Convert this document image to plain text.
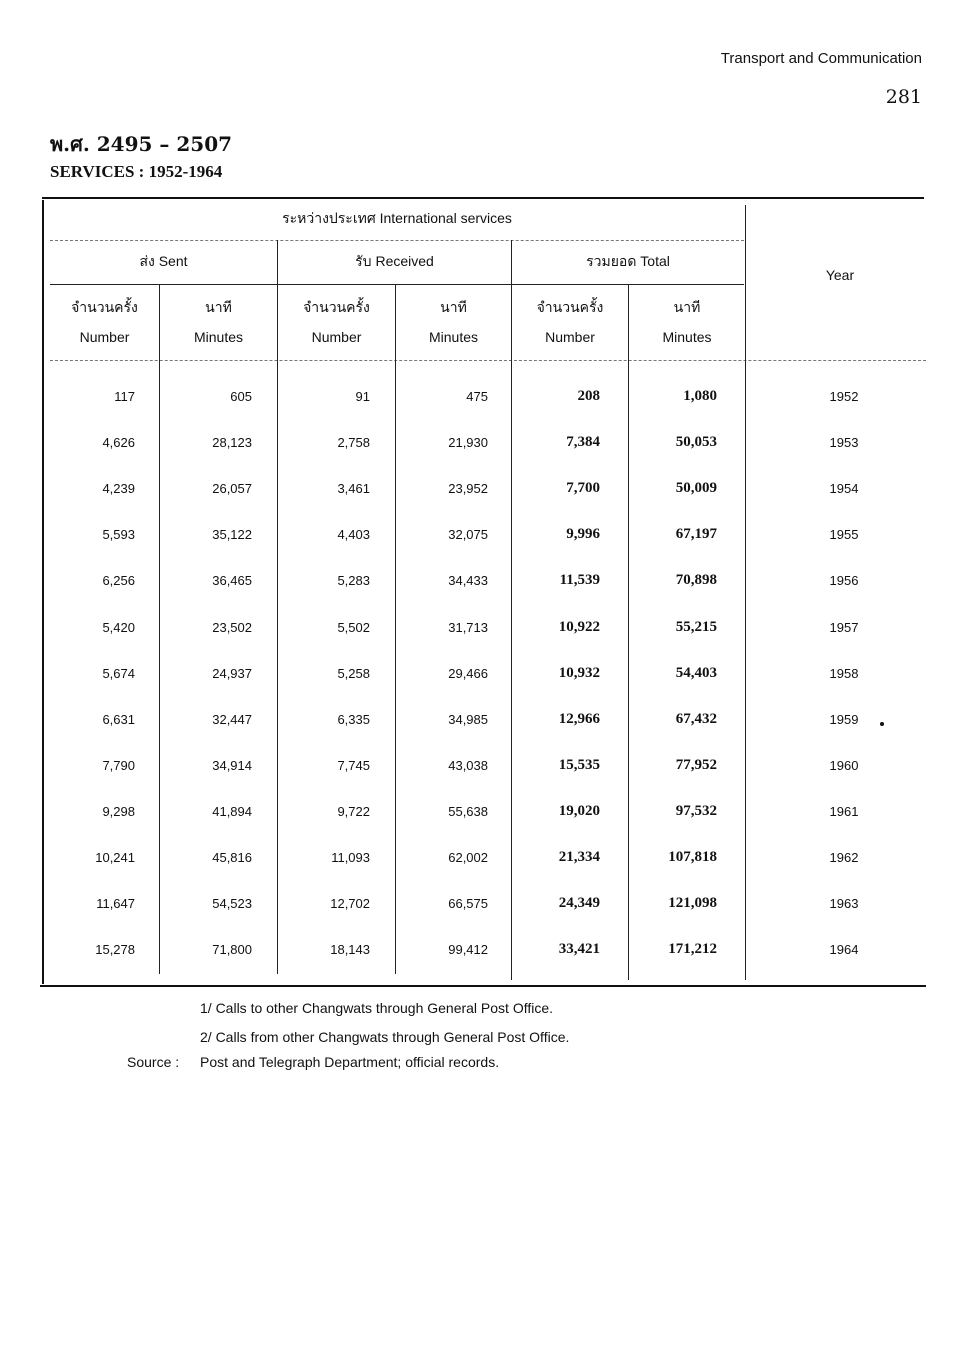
Transport and Communication
281
พ.ศ. 2495 – 2507
SERVICES : 1952-1964
ระหว่างประเทศ International services
ส่ง Sent	รับ Received	รวมยอด Total
Year
จำนวนครั้ง	นาที	จำนวนครั้ง	นาที	จำนวนครั้ง	นาที
Number	Minutes	Number	Minutes	Number	Minutes
117	605	91	475	208	1,080	1952
4,626	28,123	2,758	21,930	7,384	50,053	1953
4,239	26,057	3,461	23,952	7,700	50,009	1954
5,593	35,122	4,403	32,075	9,996	67,197	1955
6,256	36,465	5,283	34,433	11,539	70,898	1956
5,420	23,502	5,502	31,713	10,922	55,215	1957
5,674	24,937	5,258	29,466	10,932	54,403	1958
6,631	32,447	6,335	34,985	12,966	67,432	1959
7,790	34,914	7,745	43,038	15,535	77,952	1960
9,298	41,894	9,722	55,638	19,020	97,532	1961
10,241	45,816	11,093	62,002	21,334	107,818	1962
11,647	54,523	12,702	66,575	24,349	121,098	1963
15,278	71,800	18,143	99,412	33,421	171,212	1964
1/ Calls to other Changwats through General Post Office.
2/ Calls from other Changwats through General Post Office.
Source : Post and Telegraph Department; official records.
